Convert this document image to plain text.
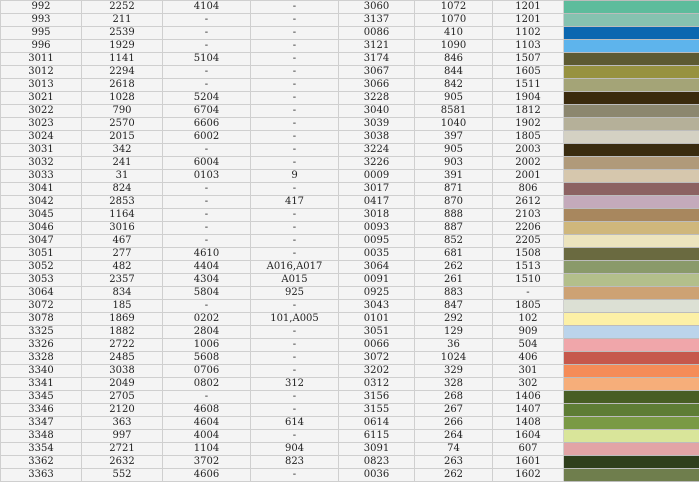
992	2252	4104	-	3060	1072	1201	
993	211	-	-	3137	1070	1201	
995	2539	-	-	0086	410	1102	
996	1929	-	-	3121	1090	1103	
3011	1141	5104	-	3174	846	1507	
3012	2294	-	-	3067	844	1605	
3013	2618	-	-	3066	842	1511	
3021	1028	5204	-	3228	905	1904	
3022	790	6704	-	3040	8581	1812	
3023	2570	6606	-	3039	1040	1902	
3024	2015	6002	-	3038	397	1805	
3031	342	-	-	3224	905	2003	
3032	241	6004	-	3226	903	2002	
3033	31	0103	9	0009	391	2001	
3041	824	-	-	3017	871	806	
3042	2853	-	417	0417	870	2612	
3045	1164	-	-	3018	888	2103	
3046	3016	-	-	0093	887	2206	
3047	467	-	-	0095	852	2205	
3051	277	4610	-	0035	681	1508	
3052	482	4404	A016,A017	3064	262	1513	
3053	2357	4304	A015	0091	261	1510	
3064	834	5804	925	0925	883	-	
3072	185	-	-	3043	847	1805	
3078	1869	0202	101,A005	0101	292	102	
3325	1882	2804	-	3051	129	909	
3326	2722	1006	-	0066	36	504	
3328	2485	5608	-	3072	1024	406	
3340	3038	0706	-	3202	329	301	
3341	2049	0802	312	0312	328	302	
3345	2705	-	-	3156	268	1406	
3346	2120	4608	-	3155	267	1407	
3347	363	4604	614	0614	266	1408	
3348	997	4004	-	6115	264	1604	
3354	2721	1104	904	3091	74	607	
3362	2632	3702	823	0823	263	1601	
3363	552	4606	-	0036	262	1602	
